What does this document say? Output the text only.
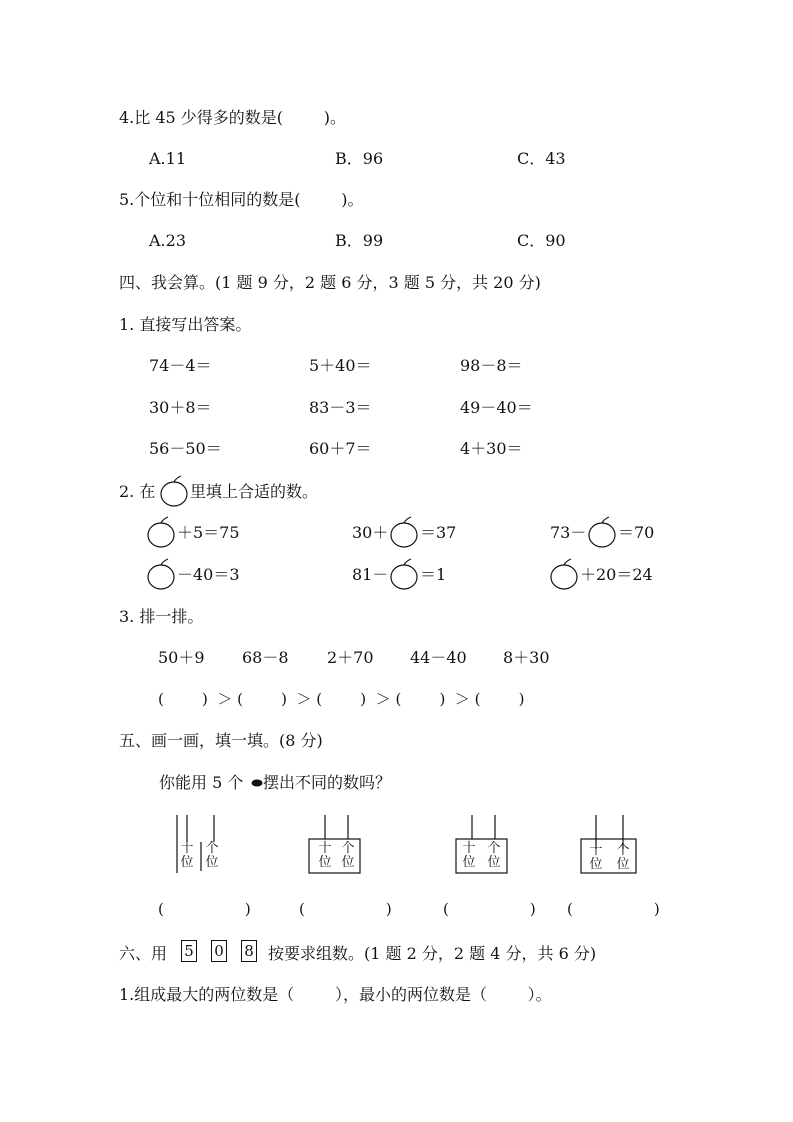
4.比 45 少得多的数是(        )。
A.11	B．96	C．43
5.个位和十位相同的数是(        )。
A.23	B．99	C．90
四、我会算。(1 题 9 分，2 题 6 分，3 题 5 分，共 20 分)
1. 直接写出答案。
74－4＝	5＋40＝	98－8＝
30＋8＝	83－3＝	49－40＝
56－50＝	60＋7＝	4＋30＝
2. 在 里填上合适的数。
＋5＝75	30＋ ＝37	73－ ＝70
－40＝3	81－ ＝1	＋20＝24
3. 排一排。
50＋9 68－8 2＋70 44－40 8＋30
(        )  ＞ (        )  ＞ (        )  ＞ (        )  ＞ (        )
五、画一画，填一填。(8 分)
你能用 5 个 摆出不同的数吗？
十位
个位
十位
个位
十位
个位
十位
个位
(                 )	(                 )	(                 ) (                 )
六、用 5 0 8 按要求组数。(1 题 2 分，2 题 4 分，共 6 分)
1.组成最大的两位数是（        ），最小的两位数是（        ）。
